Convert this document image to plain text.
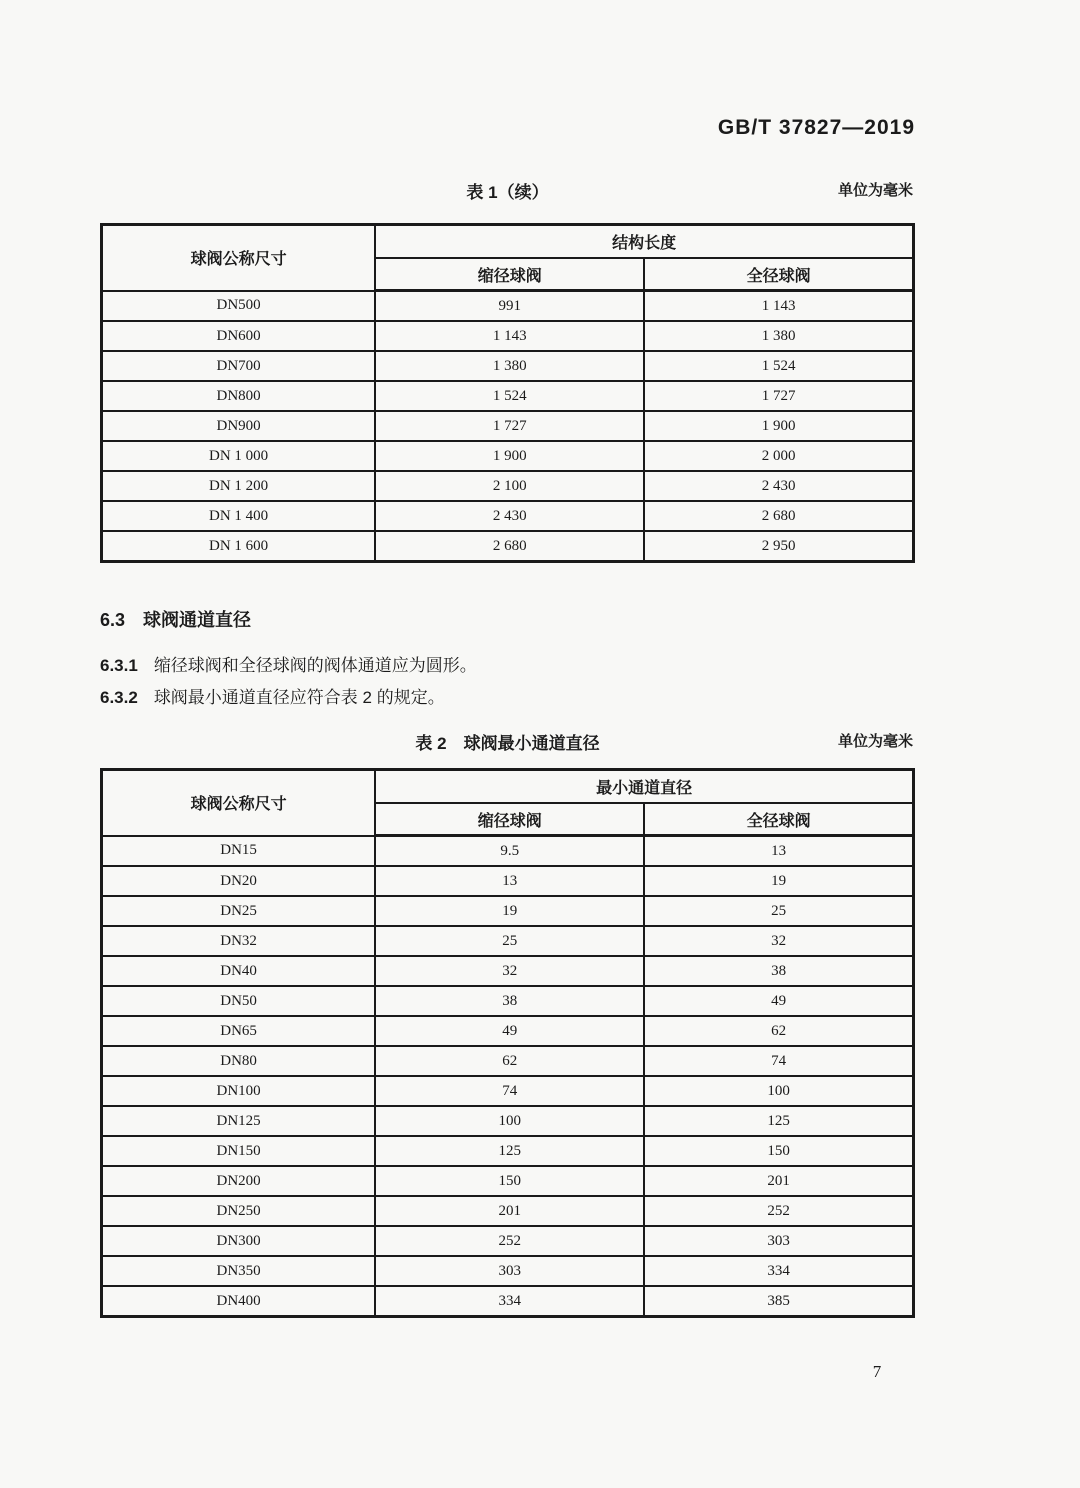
GB/T 37827—2019
表 1（续）	单位为毫米
球阀公称尺寸	结构长度	
	缩径球阀	全径球阀
DN500	991	1 143
DN600	1 143	1 380
DN700	1 380	1 524
DN800	1 524	1 727
DN900	1 727	1 900
DN 1 000	1 900	2 000
DN 1 200	2 100	2 430
DN 1 400	2 430	2 680
DN 1 600	2 680	2 950
6.3 球阀通道直径
6.3.1 缩径球阀和全径球阀的阀体通道应为圆形。
6.3.2 球阀最小通道直径应符合表 2 的规定。
表 2　球阀最小通道直径	单位为毫米
球阀公称尺寸	最小通道直径	
	缩径球阀	全径球阀
DN15	9.5	13
DN20	13	19
DN25	19	25
DN32	25	32
DN40	32	38
DN50	38	49
DN65	49	62
DN80	62	74
DN100	74	100
DN125	100	125
DN150	125	150
DN200	150	201
DN250	201	252
DN300	252	303
DN350	303	334
DN400	334	385
7
